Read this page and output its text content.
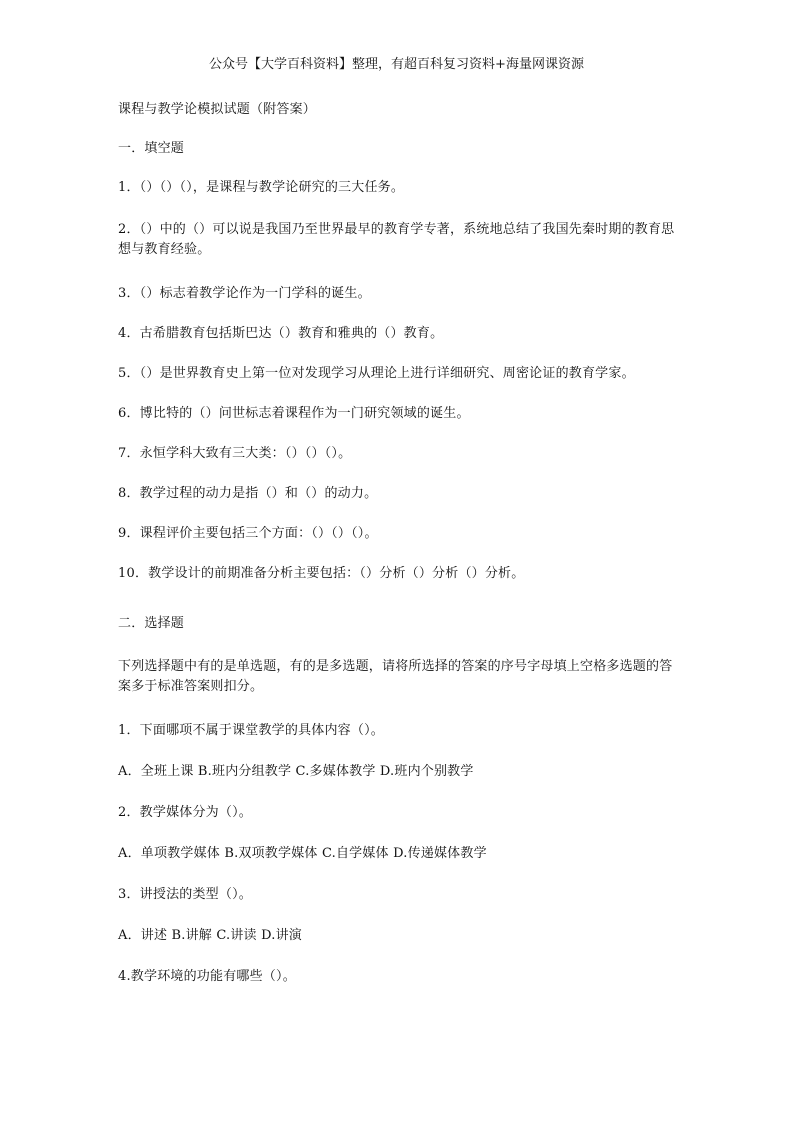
公众号【大学百科资料】整理，有超百科复习资料+海量网课资源
课程与教学论模拟试题（附答案）
一．填空题
1．（）（）（），是课程与教学论研究的三大任务。
2．（）中的（）可以说是我国乃至世界最早的教育学专著，系统地总结了我国先秦时期的教育思想与教育经验。
3．（）标志着教学论作为一门学科的诞生。
4．古希腊教育包括斯巴达（）教育和雅典的（）教育。
5．（）是世界教育史上第一位对发现学习从理论上进行详细研究、周密论证的教育学家。
6．博比特的（）问世标志着课程作为一门研究领域的诞生。
7．永恒学科大致有三大类：（）（）（）。
8．教学过程的动力是指（）和（）的动力。
9．课程评价主要包括三个方面：（）（）（）。
10．教学设计的前期准备分析主要包括：（）分析（）分析（）分析。
二．选择题
下列选择题中有的是单选题，有的是多选题，请将所选择的答案的序号字母填上空格多选题的答案多于标准答案则扣分。
1．下面哪项不属于课堂教学的具体内容（）。
A．全班上课 B.班内分组教学 C.多媒体教学 D.班内个别教学
2．教学媒体分为（）。
A．单项教学媒体 B.双项教学媒体 C.自学媒体 D.传递媒体教学
3．讲授法的类型（）。
A．讲述 B.讲解 C.讲读 D.讲演
4.教学环境的功能有哪些（）。
